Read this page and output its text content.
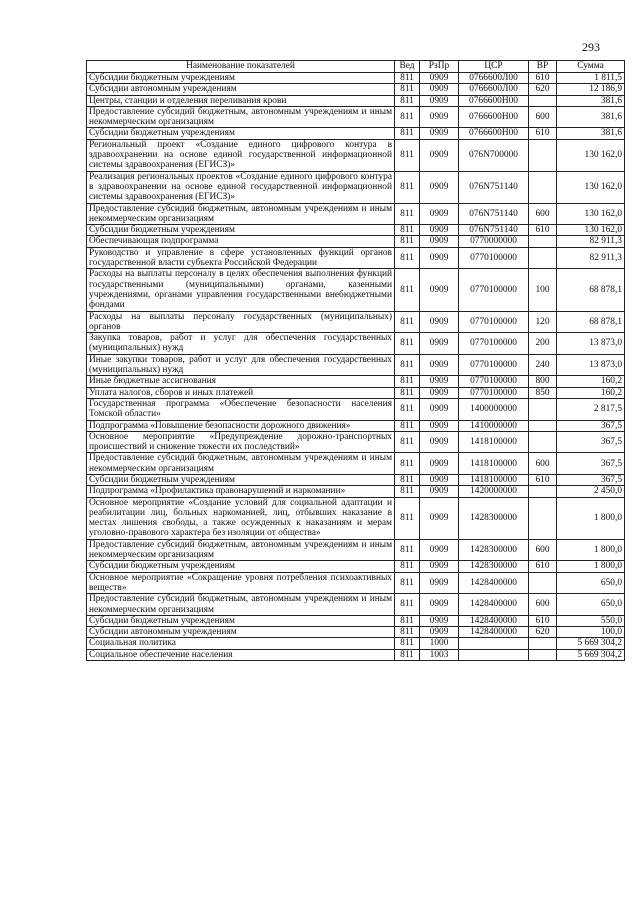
293
Наименование показателей	Вед	РзПр	ЦСР	ВР	Сумма
Субсидии бюджетным учреждениям	811	0909	0766600Л00	610	1 811,5
Субсидии автономным учреждениям	811	0909	0766600Л00	620	12 186,9
Центры, станции и отделения переливания крови	811	0909	0766600Н00		381,6
Предоставление субсидий бюджетным, автономным учреждениям и иным некоммерческим организациям	811	0909	0766600Н00	600	381,6
Субсидии бюджетным учреждениям	811	0909	0766600Н00	610	381,6
Региональный проект «Создание единого цифрового контура в здравоохранении на основе единой государственной информационной системы здравоохранения (ЕГИСЗ)»	811	0909	076N700000		130 162,0
Реализация региональных проектов «Создание единого цифрового контура в здравоохранении на основе единой государственной информационной системы здравоохранения (ЕГИСЗ)»	811	0909	076N751140		130 162,0
Предоставление субсидий бюджетным, автономным учреждениям и иным некоммерческим организациям	811	0909	076N751140	600	130 162,0
Субсидии бюджетным учреждениям	811	0909	076N751140	610	130 162,0
Обеспечивающая подпрограмма	811	0909	0770000000		82 911,3
Руководство и управление в сфере установленных функций органов государственной власти субъекта Российской Федерации	811	0909	0770100000		82 911,3
Расходы на выплаты персоналу в целях обеспечения выполнения функций государственными (муниципальными) органами, казенными учреждениями, органами управления государственными внебюджетными фондами	811	0909	0770100000	100	68 878,1
Расходы на выплаты персоналу государственных (муниципальных) органов	811	0909	0770100000	120	68 878,1
Закупка товаров, работ и услуг для обеспечения государственных (муниципальных) нужд	811	0909	0770100000	200	13 873,0
Иные закупки товаров, работ и услуг для обеспечения государственных (муниципальных) нужд	811	0909	0770100000	240	13 873,0
Иные бюджетные ассигнования	811	0909	0770100000	800	160,2
Уплата налогов, сборов и иных платежей	811	0909	0770100000	850	160,2
Государственная программа «Обеспечение безопасности населения Томской области»	811	0909	1400000000		2 817,5
Подпрограмма «Повышение безопасности дорожного движения»	811	0909	1410000000		367,5
Основное мероприятие «Предупреждение дорожно-транспортных происшествий и снижение тяжести их последствий»	811	0909	1418100000		367,5
Предоставление субсидий бюджетным, автономным учреждениям и иным некоммерческим организациям	811	0909	1418100000	600	367,5
Субсидии бюджетным учреждениям	811	0909	1418100000	610	367,5
Подпрограмма «Профилактика правонарушений и наркомании»	811	0909	1420000000		2 450,0
Основное мероприятие «Создание условий для социальной адаптации и реабилитации лиц, больных наркоманией, лиц, отбывших наказание в местах лишения свободы, а также осужденных к наказаниям и мерам уголовно-правового характера без изоляции от общества»	811	0909	1428300000		1 800,0
Предоставление субсидий бюджетным, автономным учреждениям и иным некоммерческим организациям	811	0909	1428300000	600	1 800,0
Субсидии бюджетным учреждениям	811	0909	1428300000	610	1 800,0
Основное мероприятие «Сокращение уровня потребления психоактивных веществ»	811	0909	1428400000		650,0
Предоставление субсидий бюджетным, автономным учреждениям и иным некоммерческим организациям	811	0909	1428400000	600	650,0
Субсидии бюджетным учреждениям	811	0909	1428400000	610	550,0
Субсидии автономным учреждениям	811	0909	1428400000	620	100,0
Социальная политика	811	1000			5 669 304,2
Социальное обеспечение населения	811	1003			5 669 304,2
